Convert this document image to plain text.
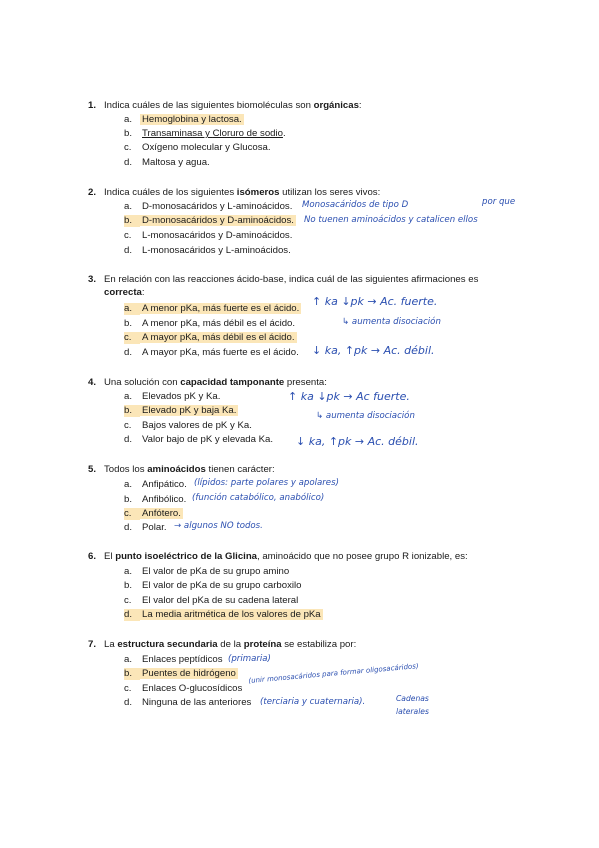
1. Indica cuáles de las siguientes biomoléculas son orgánicas:
a. Hemoglobina y lactosa.
b. Transaminasa y Cloruro de sodio.
c. Oxígeno molecular y Glucosa.
d. Maltosa y agua.
2. Indica cuáles de los siguientes isómeros utilizan los seres vivos:
a. D-monosacáridos y L-aminoácidos.
b. D-monosacáridos y D-aminoácidos.
c. L-monosacáridos y D-aminoácidos.
d. L-monosacáridos y L-aminoácidos.
Monosacáridos de tipo D	por que
No tuenen aminoácidos y catalicen ellos
3. En relación con las reacciones ácido-base, indica cuál de las siguientes afirmaciones es
correcta:
a. A menor pKa, más fuerte es el ácido.
b. A menor pKa, más débil es el ácido.
c. A mayor pKa, más débil es el ácido.
d. A mayor pKa, más fuerte es el ácido.
↑ ka ↓pk → Ac. fuerte.
↳ aumenta disociación
↓ ka, ↑pk → Ac. débil.
4. Una solución con capacidad tamponante presenta:
a. Elevados pK y Ka.
b. Elevado pK y baja Ka.
c. Bajos valores de pK y Ka.
d. Valor bajo de pK y elevada Ka.
↑ ka ↓pk → Ac fuerte.
↳ aumenta disociación
↓ ka, ↑pk → Ac. débil.
5. Todos los aminoácidos tienen carácter:
a. Anfipático.
b. Anfibólico.
c. Anfótero.
d. Polar.
(lípidos: parte polares y apolares)
(función catabólico, anabólico)
→ algunos NO todos.
6. El punto isoeléctrico de la Glicina, aminoácido que no posee grupo R ionizable, es:
a. El valor de pKa de su grupo amino
b. El valor de pKa de su grupo carboxilo
c. El valor del pKa de su cadena lateral
d. La media aritmética de los valores de pKa
7. La estructura secundaria de la proteína se estabiliza por:
a. Enlaces peptídicos
b. Puentes de hidrógeno
c. Enlaces O-glucosídicos
d. Ninguna de las anteriores
(primaria)
(unir monosacáridos para formar oligosacáridos)
(terciaria y cuaternaria).	Cadenas laterales
